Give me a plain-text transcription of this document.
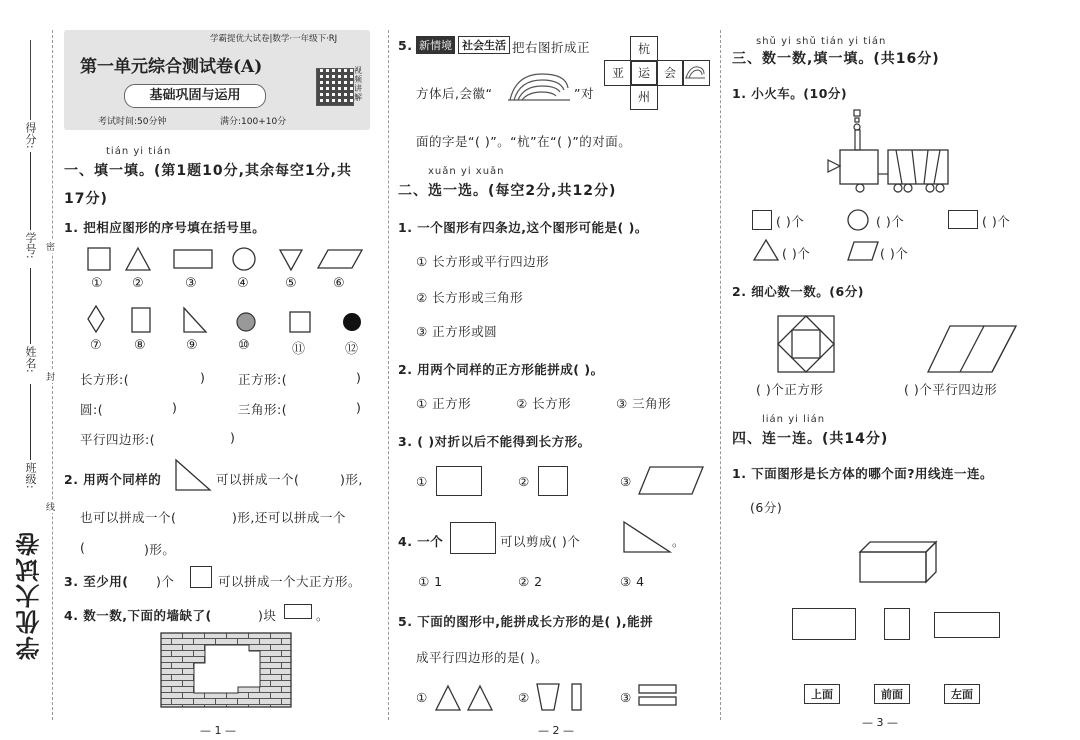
得分:
学号:
姓名:
班级:
密
封
线
学优大试卷
学霸提优大试卷|数学·一年级下·RJ
第一单元综合测试卷(A)
基础巩固与运用
考试时间:50分钟	满分:100+10分
视频讲解
tián yi tián
一、填一填。(第1题10分,其余每空1分,共
17分)
1. 把相应图形的序号填在括号里。
① ②	③	④	⑤	⑥
⑦ ⑧	⑨	⑩	⑪	⑫
长方形:(	)	正方形:(	)
圆:(	)	三角形:(	)
平行四边形:(	)
2. 用两个同样的	可以拼成一个(	)形,
也可以拼成一个(	)形,还可以拼成一个
(	)形。
3. 至少用( )个	可以拼成一个大正方形。
4. 数一数,下面的墙缺了(	)块	。
— 1 —
5. 新情境 社会生活 把右图折成正
方体后,会徽“	”对
面的字是“( )”。“杭”在“( )”的对面。
杭
亚	运	会
州
xuǎn yi xuǎn
二、选一选。(每空2分,共12分)
1. 一个图形有四条边,这个图形可能是( )。
① 长方形或平行四边形
② 长方形或三角形
③ 正方形或圆
2. 用两个同样的正方形能拼成( )。
① 正方形	② 长方形	③ 三角形
3. ( )对折以后不能得到长方形。
①	②	③
4. 一个	可以剪成( )个	。
① 1	② 2	③ 4
5. 下面的图形中,能拼成长方形的是( ),能拼
成平行四边形的是( )。
①	②	③
— 2 —
shǔ yi shǔ tián yi tián
三、数一数,填一填。(共16分)
1. 小火车。(10分)
( )个	( )个	( )个
( )个	( )个
2. 细心数一数。(6分)
( )个正方形	( )个平行四边形
lián yi lián
四、连一连。(共14分)
1. 下面图形是长方体的哪个面?用线连一连。
(6分)
上面	前面	左面
— 3 —
